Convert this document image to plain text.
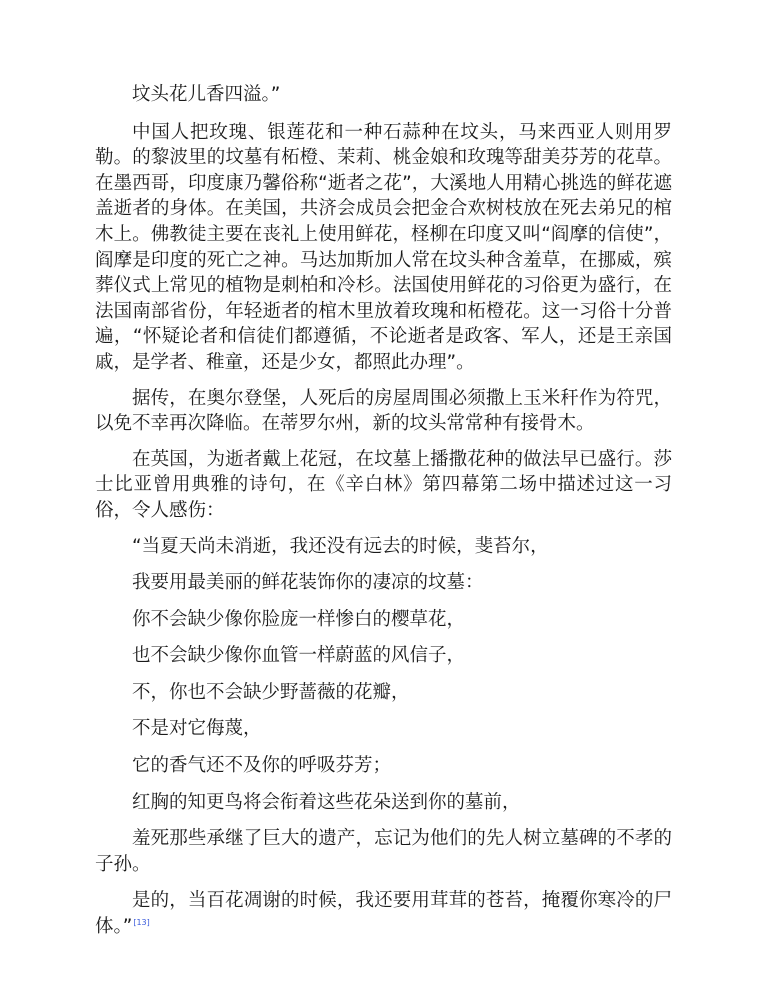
坟头花儿香四溢。”

中国人把玫瑰、银莲花和一种石蒜种在坟头，马来西亚人则用罗勒。的黎波里的坟墓有柘橙、茉莉、桃金娘和玫瑰等甜美芬芳的花草。在墨西哥，印度康乃馨俗称“逝者之花”，大溪地人用精心挑选的鲜花遮盖逝者的身体。在美国，共济会成员会把金合欢树枝放在死去弟兄的棺木上。佛教徒主要在丧礼上使用鲜花，柽柳在印度又叫“阎摩的信使”，阎摩是印度的死亡之神。马达加斯加人常在坟头种含羞草，在挪威，殡葬仪式上常见的植物是刺柏和冷杉。法国使用鲜花的习俗更为盛行，在法国南部省份，年轻逝者的棺木里放着玫瑰和柘橙花。这一习俗十分普遍，“怀疑论者和信徒们都遵循，不论逝者是政客、军人，还是王亲国戚，是学者、稚童，还是少女，都照此办理”。

据传，在奥尔登堡，人死后的房屋周围必须撒上玉米秆作为符咒，以免不幸再次降临。在蒂罗尔州，新的坟头常常种有接骨木。

在英国，为逝者戴上花冠，在坟墓上播撒花种的做法早已盛行。莎士比亚曾用典雅的诗句，在《辛白林》第四幕第二场中描述过这一习俗，令人感伤：

“当夏天尚未消逝，我还没有远去的时候，斐苔尔，

我要用最美丽的鲜花装饰你的凄凉的坟墓：

你不会缺少像你脸庞一样惨白的樱草花，

也不会缺少像你血管一样蔚蓝的风信子，

不，你也不会缺少野蔷薇的花瓣，

不是对它侮蔑，

它的香气还不及你的呼吸芬芳；

红胸的知更鸟将会衔着这些花朵送到你的墓前，

羞死那些承继了巨大的遗产，忘记为他们的先人树立墓碑的不孝的子孙。

是的，当百花凋谢的时候，我还要用茸茸的苍苔，掩覆你寒冷的尸体。”[13]
